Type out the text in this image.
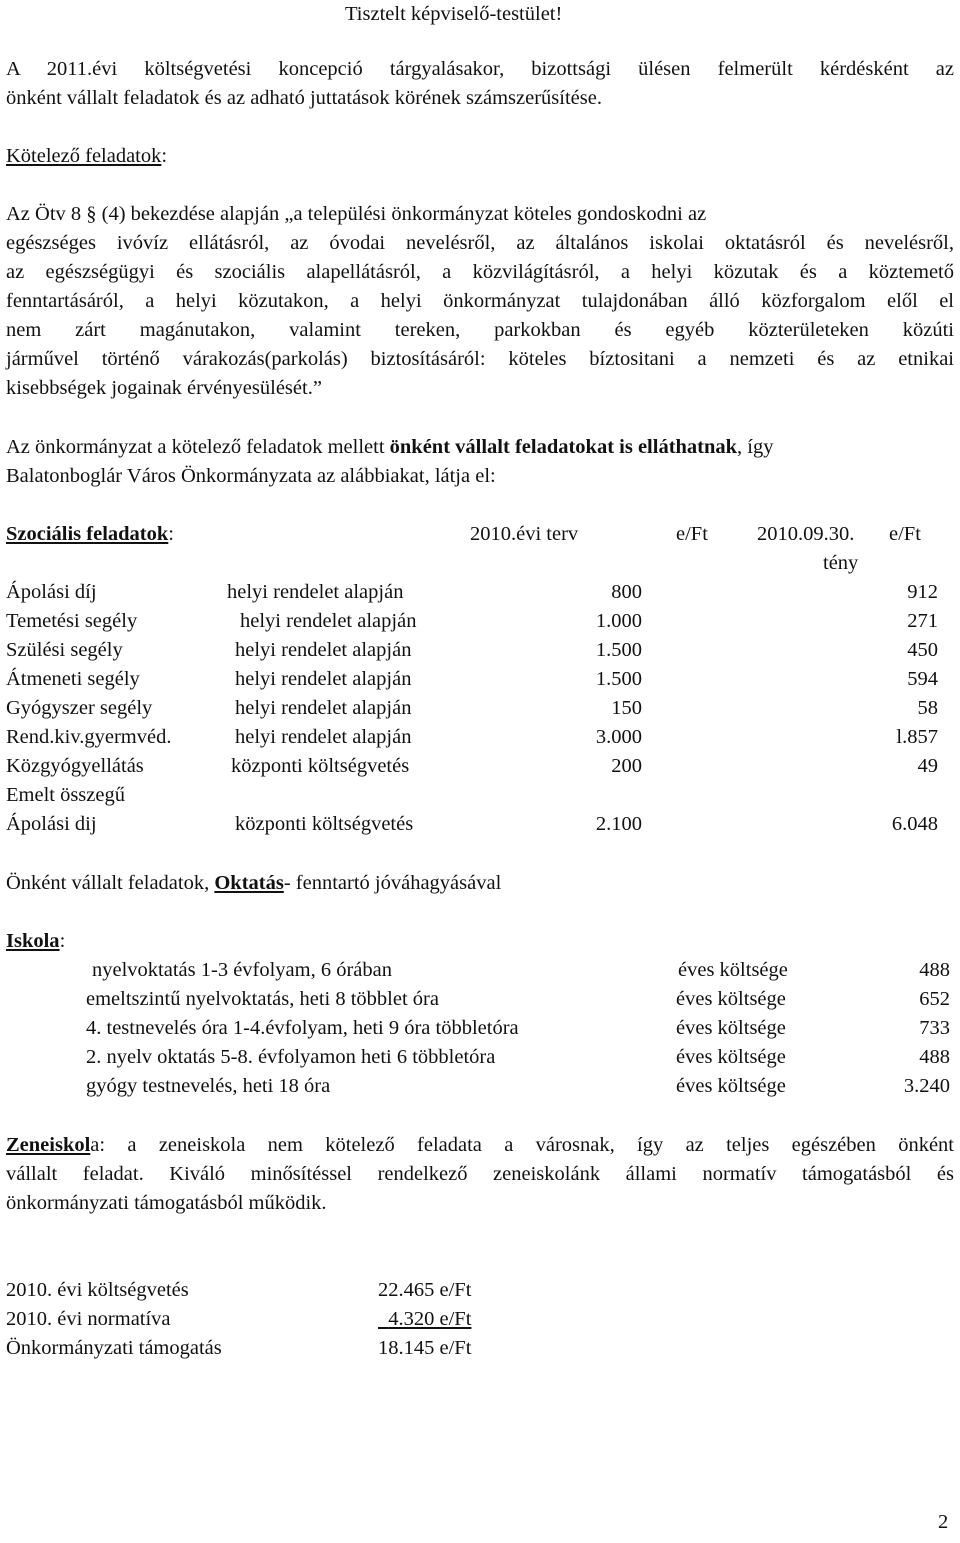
Tisztelt képviselő-testület!
A 2011.évi költségvetési koncepció tárgyalásakor, bizottsági ülésen felmerült kérdésként az
önként vállalt feladatok és az adható juttatások körének számszerűsítése.
Kötelező feladatok:
Az Ötv 8 § (4) bekezdése alapján „a települési önkormányzat köteles gondoskodni az
egészséges ivóvíz ellátásról, az óvodai nevelésről, az általános iskolai oktatásról és nevelésről,
az egészségügyi és szociális alapellátásról, a közvilágításról, a helyi közutak és a köztemető
fenntartásáról, a helyi közutakon, a helyi önkormányzat tulajdonában álló közforgalom elől el
nem zárt magánutakon, valamint tereken, parkokban és egyéb közterületeken közúti
járművel történő várakozás(parkolás) biztosításáról: köteles bíztositani a nemzeti és az etnikai
kisebbségek jogainak érvényesülését.”
Az önkormányzat a kötelező feladatok mellett önként vállalt feladatokat is elláthatnak, így
Balatonboglár Város Önkormányzata az alábbiakat, látja el:
Szociális feladatok:	2010.évi terv	e/Ft 2010.09.30. e/Ft
tény
Ápolási díj	helyi rendelet alapján	800	912
Temetési segély	helyi rendelet alapján	1.000	271
Szülési segély	helyi rendelet alapján	1.500	450
Átmeneti segély	helyi rendelet alapján	1.500	594
Gyógyszer segély	helyi rendelet alapján	150	58
Rend.kiv.gyermvéd.	helyi rendelet alapján	3.000	l.857
Közgyógyellátás	központi költségvetés	200	49
Emelt összegű
Ápolási dij	központi költségvetés	2.100	6.048
Önként vállalt feladatok, Oktatás- fenntartó jóváhagyásával
Iskola:
nyelvoktatás 1-3 évfolyam, 6 órában	éves költsége	488
emeltszintű nyelvoktatás, heti 8 többlet óra	éves költsége	652
4. testnevelés óra 1-4.évfolyam, heti 9 óra többletóra	éves költsége	733
2. nyelv oktatás 5-8. évfolyamon heti 6 többletóra	éves költsége	488
gyógy testnevelés, heti 18 óra	éves költsége	3.240
Zeneiskola: a zeneiskola nem kötelező feladata a városnak, így az teljes egészében önként
vállalt feladat. Kiváló minősítéssel rendelkező zeneiskolánk állami normatív támogatásból és
önkormányzati támogatásból működik.
2010. évi költségvetés	22.465 e/Ft
2010. évi normatíva	4.320 e/Ft
Önkormányzati támogatás	18.145 e/Ft
2
